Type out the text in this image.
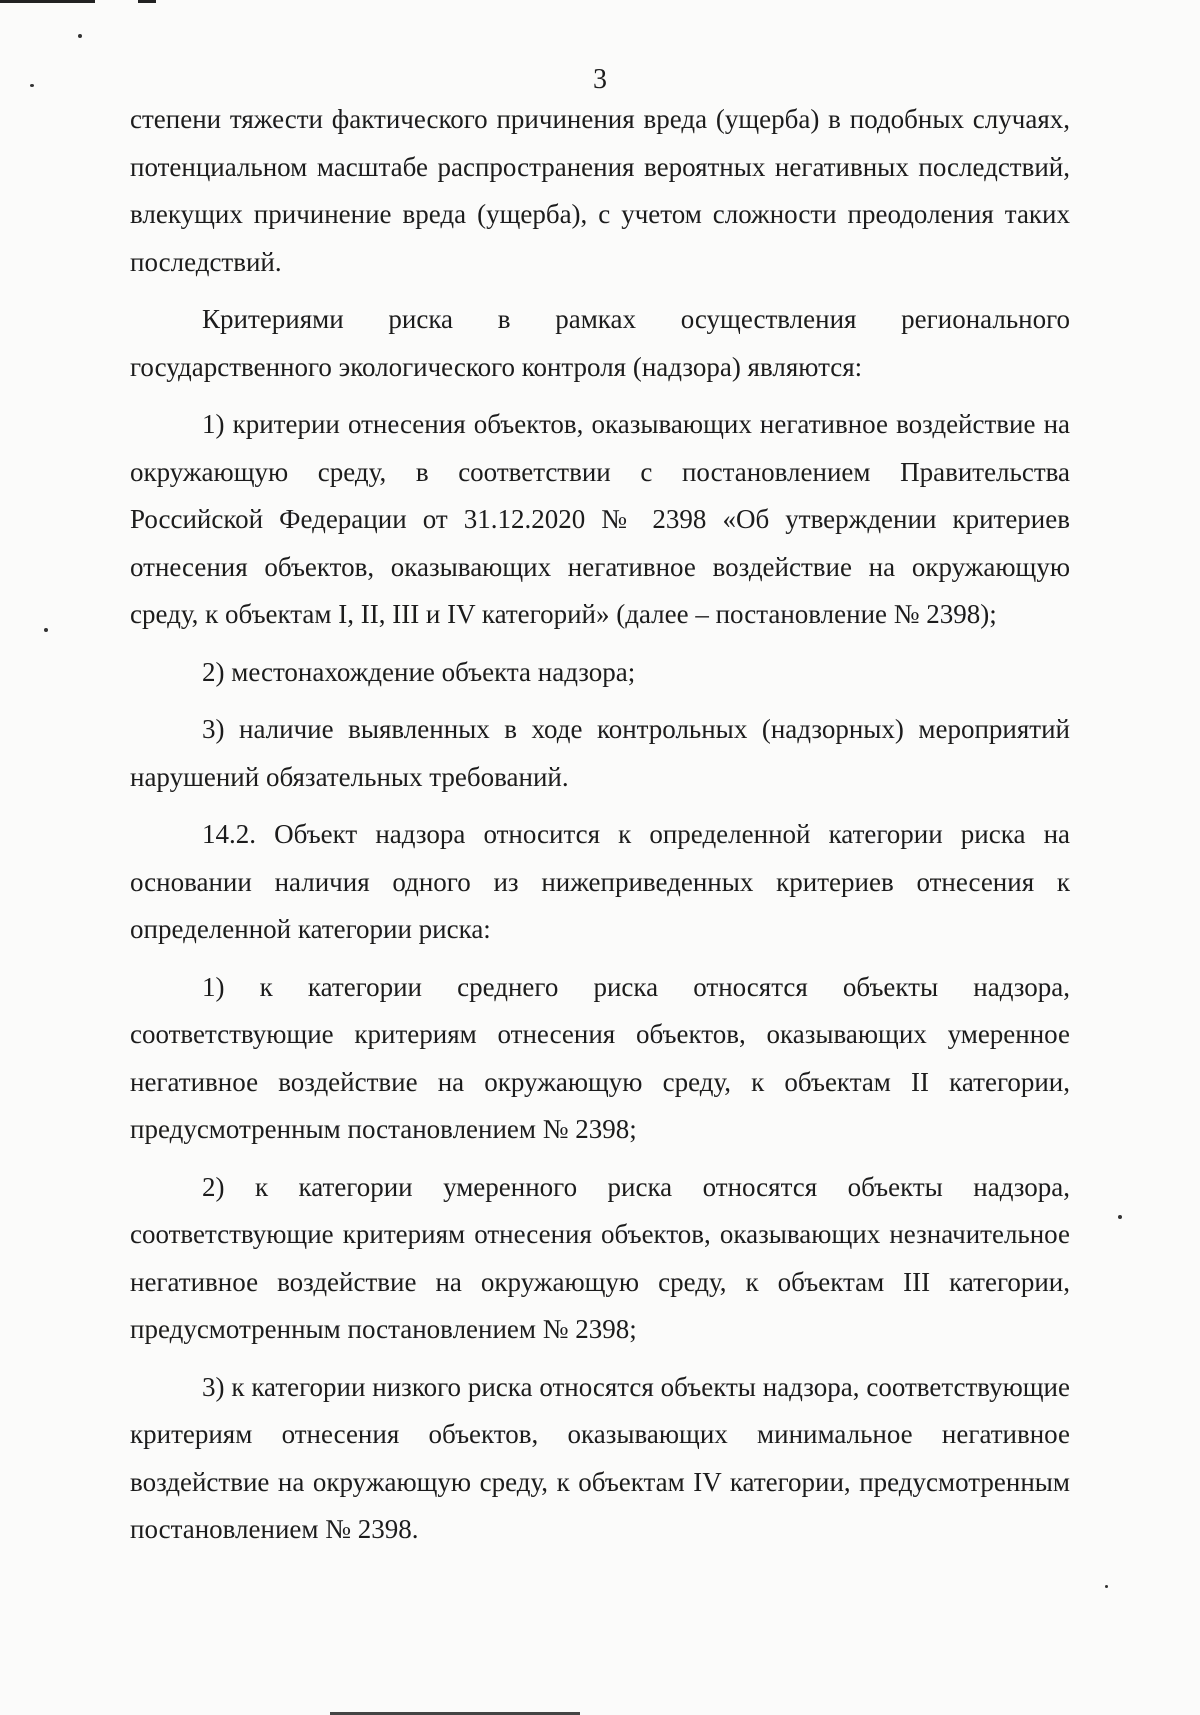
3

степени тяжести фактического причинения вреда (ущерба) в подобных случаях, потенциальном масштабе распространения вероятных негативных последствий, влекущих причинение вреда (ущерба), с учетом сложности преодоления таких последствий.

Критериями риска в рамках осуществления регионального государственного экологического контроля (надзора) являются:

1) критерии отнесения объектов, оказывающих негативное воздействие на окружающую среду, в соответствии с постановлением Правительства Российской Федерации от 31.12.2020 № 2398 «Об утверждении критериев отнесения объектов, оказывающих негативное воздействие на окружающую среду, к объектам I, II, III и IV категорий» (далее – постановление № 2398);

2) местонахождение объекта надзора;

3) наличие выявленных в ходе контрольных (надзорных) мероприятий нарушений обязательных требований.

14.2. Объект надзора относится к определенной категории риска на основании наличия одного из нижеприведенных критериев отнесения к определенной категории риска:

1) к категории среднего риска относятся объекты надзора, соответствующие критериям отнесения объектов, оказывающих умеренное негативное воздействие на окружающую среду, к объектам II категории, предусмотренным постановлением № 2398;

2) к категории умеренного риска относятся объекты надзора, соответствующие критериям отнесения объектов, оказывающих незначительное негативное воздействие на окружающую среду, к объектам III категории, предусмотренным постановлением № 2398;

3) к категории низкого риска относятся объекты надзора, соответствующие критериям отнесения объектов, оказывающих минимальное негативное воздействие на окружающую среду, к объектам IV категории, предусмотренным постановлением № 2398.
